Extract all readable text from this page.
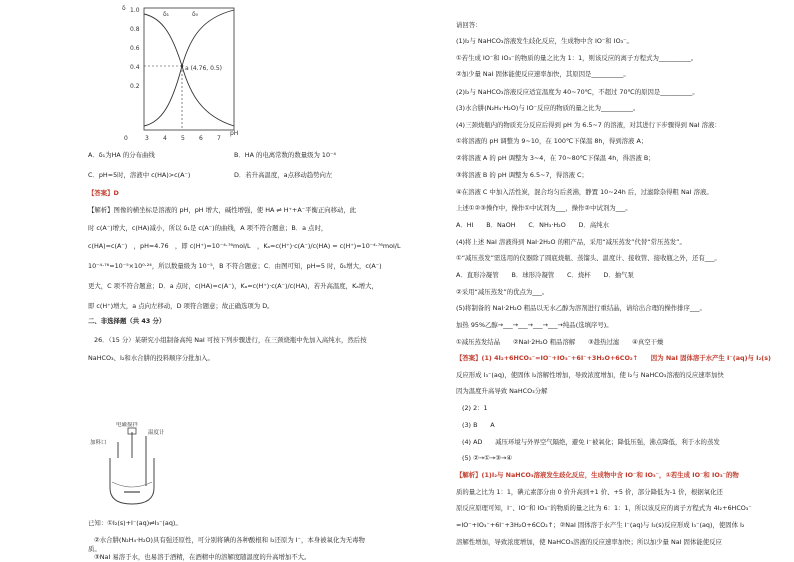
δ 1.0
0.8
0.6
0.4
0.2
0	3 4 5 6 7
pH
δ₁	δ₀
a (4.76, 0.5)
A．δ₁为HA 的分布曲线	B．HA 的电离常数的数量级为 10⁻⁴
C．pH=5时，溶液中 c(HA)>c(A⁻)	D．若升高温度，a点移动趋势向左
【答案】D
【解析】图像的横坐标是溶液的 pH，pH 增大，碱性增强，使 HA ⇌ H⁺+A⁻平衡正向移动，此
时 c(A⁻)增大，c(HA)减小，所以 δ₁是 c(A⁻)的曲线，A 项不符合题意；B．a 点时，
c(HA)=c(A⁻)　，pH=4.76　，即 c(H⁺)=10⁻⁴·⁷⁶mol/L　，Kₐ=c(H⁺)·c(A⁻)/c(HA) = c(H⁺)=10⁻⁴·⁷⁶mol/L
10⁻⁴·⁷⁶=10⁻⁵×10⁰·²⁴，所以数量级为 10⁻⁵，B 不符合题意；C．由图可知，pH=5 时，δ₁增大，c(A⁻)
更大，C 项不符合题意；D．a 点时，c(HA)=c(A⁻)，Kₐ=c(H⁺)·c(A⁻)/c(HA)，若升高温度，Kₐ增大，
即 c(H⁺)增大，a 点向左移动，D 项符合题意；故正确选项为 D。
二、非选择题（共 43 分）
26．（15 分）某研究小组制备高纯 NaI 可按下列步骤进行，在三颈烧瓶中先加入高纯水，然后按
NaHCO₃、I₂和水合肼的投料顺序分批加入。
电磁搅拌
加料口
温度计
已知：①I₂(s)+I⁻(aq)⇌I₃⁻(aq)。
②水合肼(N₂H₄·H₂O)具有强还原性，可分别将碘的各种酸根和 I₂还原为 I⁻，本身被氧化为无毒物
质。
③NaI 易溶于水，也易溶于酒精，在酒精中的溶解度随温度的升高增加不大。
请回答：
(1)I₂与 NaHCO₃溶液发生歧化反应，生成物中含 IO⁻和 IO₃⁻。
①若生成 IO⁻和 IO₃⁻的物质的量之比为 1：1，则该反应的离子方程式为__________。
②加少量 NaI 固体能使反应速率加快，其原因是__________。
(2)I₂与 NaHCO₃溶液反应适宜温度为 40~70℃，不超过 70℃的原因是__________。
(3)水合肼(N₂H₄·H₂O)与 IO⁻反应的物质的量之比为__________。
(4)三颈烧瓶内的物质充分反应后得到 pH 为 6.5~7 的溶液，对其进行下步骤得到 NaI 溶液：
①将溶液的 pH 调整为 9~10，在 100℃下保温 8h，得到溶液 A；
②将溶液 A 的 pH 调整为 3~4，在 70~80℃下保温 4h，得溶液 B；
③将溶液 B 的 pH 调整为 6.5~7，得溶液 C；
④在溶液 C 中加入活性炭，混合均匀后煮沸，静置 10~24h 后，过滤除杂得粗 NaI 溶液。
上述①②③操作中，操作①中试剂为___，操作②中试剂为___。
A．HI　　B．NaOH　　C．NH₃·H₂O　　D．高纯水
(4)将上述 NaI 溶液得到 NaI·2H₂O 的粗产品，采用“减压蒸发”代替“常压蒸发”。
①“减压蒸发”需选用的仪器除了圆底烧瓶、蒸馏头、温度计、接收管、接收瓶之外，还有___。
A．直形冷凝管　　B．球形冷凝管　　C．烧杯　　D．抽气泵
②采用“减压蒸发”的优点为___。
(5)将制备的 NaI·2H₂O 粗品以无水乙醇为溶剂进行重结晶，请给出合理的操作排序___。
加热 95%乙醇→___→___→___→___→纯品(选填序号)。
①减压蒸发结晶　　②NaI·2H₂O 粗品溶解　　③趁热过滤　　④真空干燥
【答案】(1) 4I₂+6HCO₃⁻=IO⁻+IO₃⁻+6I⁻+3H₂O+6CO₂↑　　因为 NaI 固体溶于水产生 I⁻(aq)与 I₂(s)
反应形成 I₃⁻(aq)，使固体 I₂溶解性增加，导致浓度增加，使 I₂与 NaHCO₃溶液的反应速率加快
因为温度升高导致 NaHCO₃分解
(2) 2：1
(3) B　　A
(4) AD　　减压环境与外界空气隔绝，避免 I⁻被氧化；降低压强，沸点降低，利于水的蒸发
(5) ②→①→③→④
【解析】(1)I₂与 NaHCO₃溶液发生歧化反应，生成物中含 IO⁻和 IO₃⁻，①若生成 IO⁻和 IO₃⁻的物
质的量之比为 1：1，碘元素部分由 0 价升高到+1 价、+5 价，部分降低为-1 价，根据氧化还
原反应原理可知，I⁻、IO⁻和 IO₃⁻的物质的量之比为 6：1：1，所以该反应的离子方程式为 4I₂+6HCO₃⁻
=IO⁻+IO₃⁻+6I⁻+3H₂O+6CO₂↑；②NaI 固体溶于水产生 I⁻(aq)与 I₂(s)反应形成 I₃⁻(aq)，使固体 I₂
溶解性增加，导致浓度增加，使 NaHCO₃溶液的反应速率加快；所以加少量 NaI 固体能使反应
